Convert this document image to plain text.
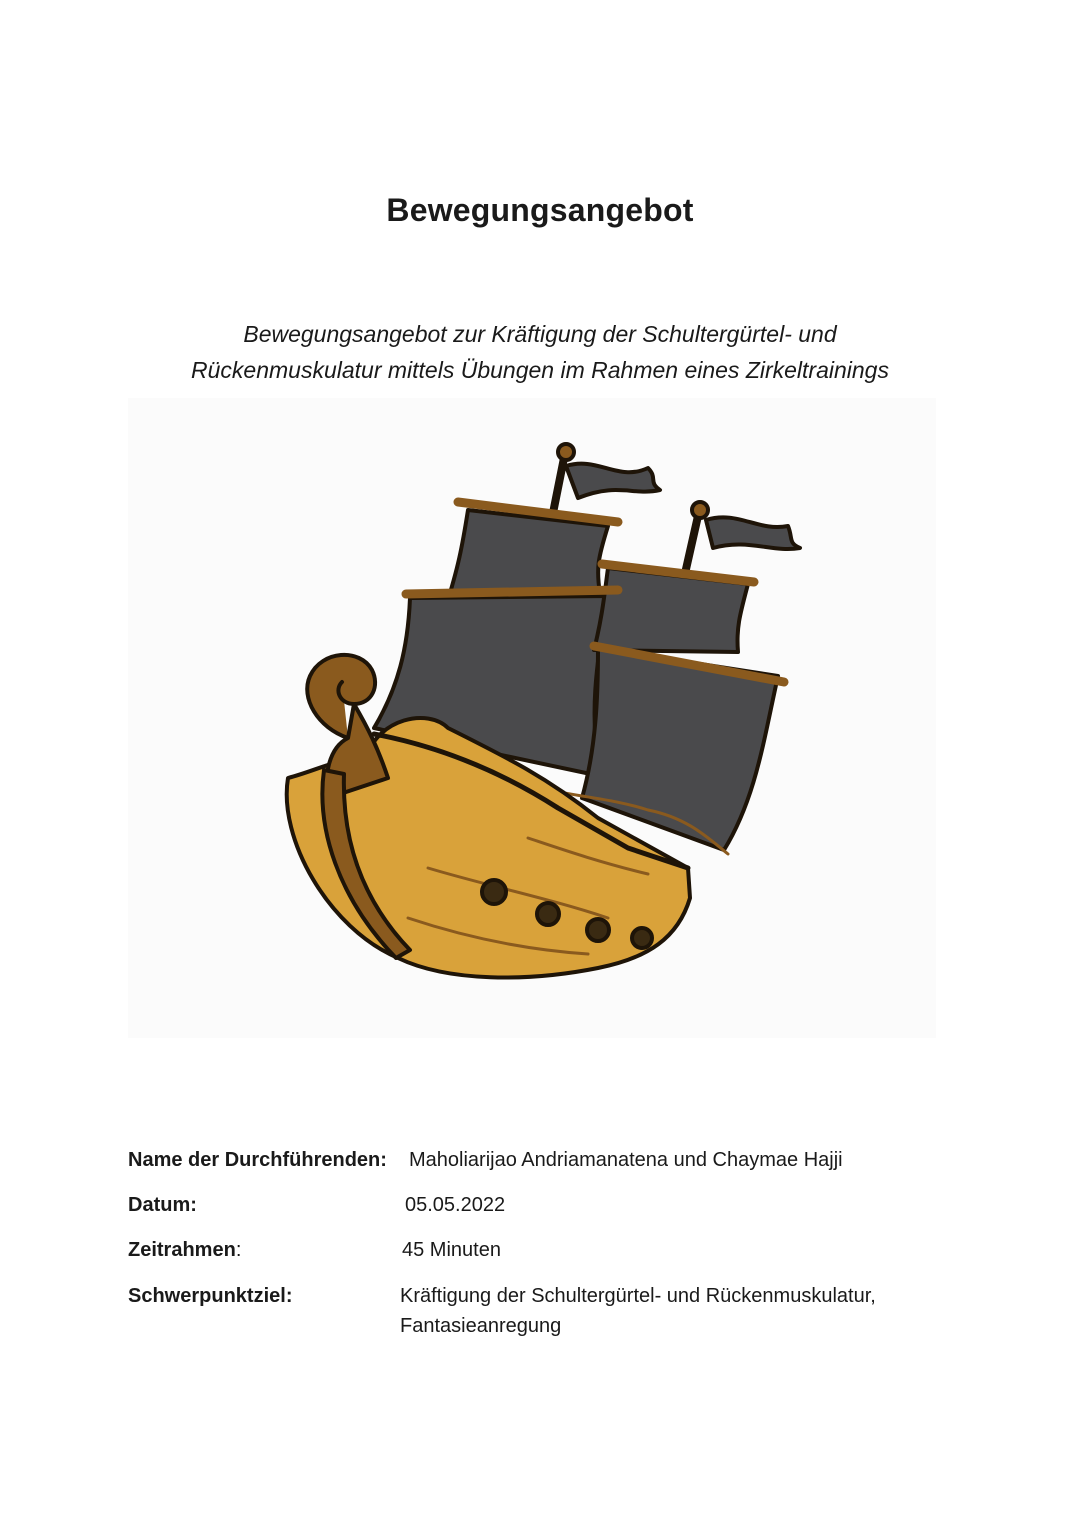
Bewegungsangebot
Bewegungsangebot zur Kräftigung der Schultergürtel- und
Rückenmuskulatur mittels Übungen im Rahmen eines Zirkeltrainings
Name der Durchführenden: Maholiarijao Andriamanatena und Chaymae Hajji
Datum:	05.05.2022
Zeitrahmen:	45 Minuten
Schwerpunktziel:	Kräftigung der Schultergürtel- und Rückenmuskulatur,
Fantasieanregung
